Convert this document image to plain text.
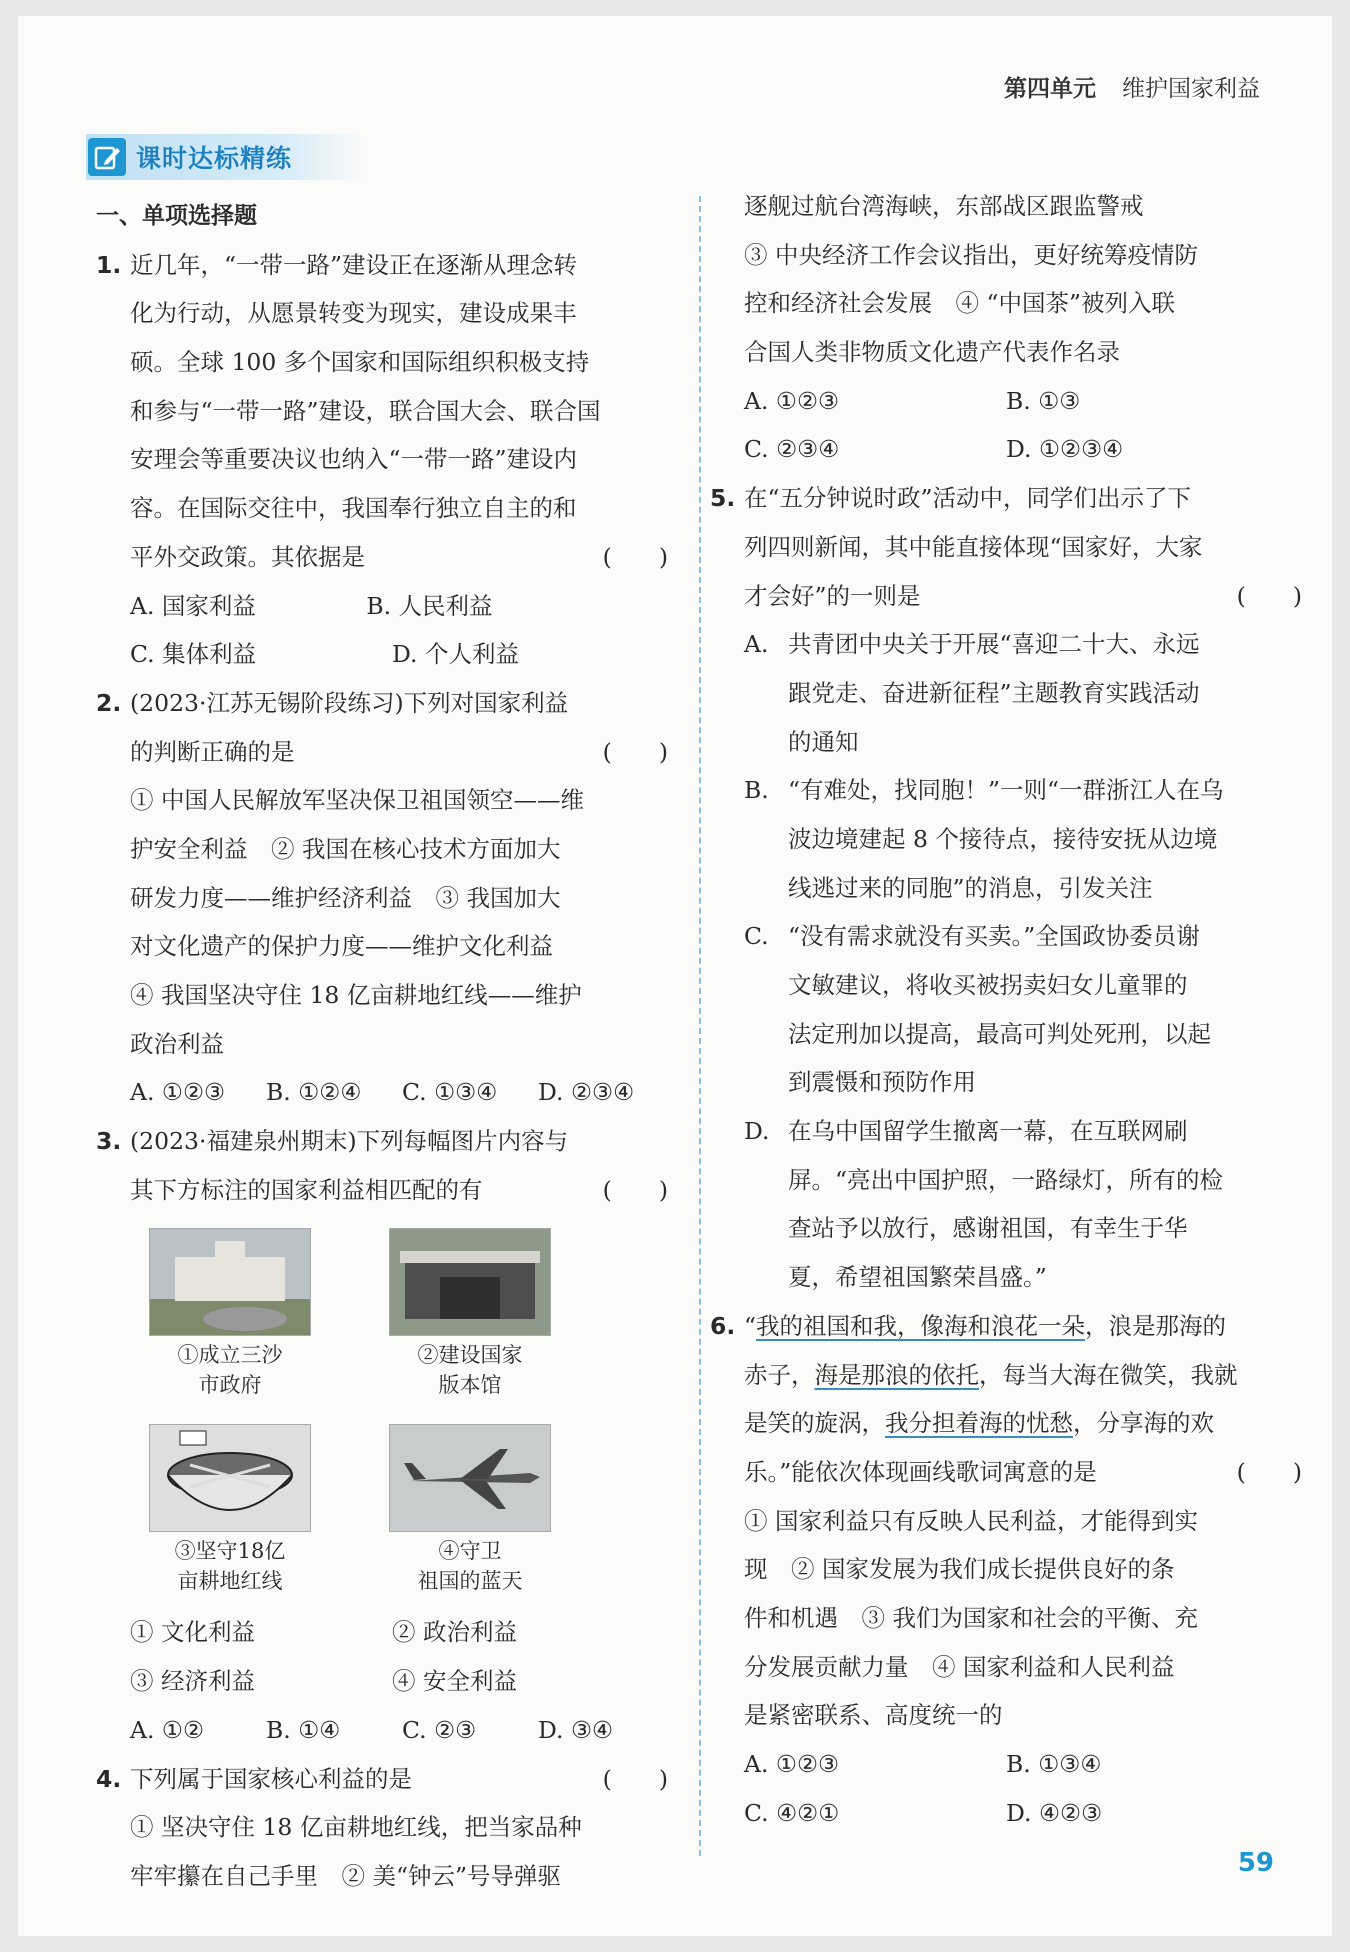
第四单元 维护国家利益
课时达标精练
一、单项选择题
1. 近几年，“一带一路”建设正在逐渐从理念转
化为行动，从愿景转变为现实，建设成果丰
硕。全球 100 多个国家和国际组织积极支持
和参与“一带一路”建设，联合国大会、联合国
安理会等重要决议也纳入“一带一路”建设内
容。在国际交往中，我国奉行独立自主的和
平外交政策。其依据是	(　　)
A. 国家利益	B. 人民利益
C. 集体利益	D. 个人利益
2. (2023·江苏无锡阶段练习)下列对国家利益
的判断正确的是	(　　)
① 中国人民解放军坚决保卫祖国领空——维
护安全利益　② 我国在核心技术方面加大
研发力度——维护经济利益　③ 我国加大
对文化遗产的保护力度——维护文化利益
④ 我国坚决守住 18 亿亩耕地红线——维护
政治利益
A. ①②③	B. ①②④	C. ①③④	D. ②③④
3. (2023·福建泉州期末)下列每幅图片内容与
其下方标注的国家利益相匹配的有	(　　)
①成立三沙
市政府
②建设国家
版本馆
③坚守18亿
亩耕地红线
④守卫
祖国的蓝天
① 文化利益	② 政治利益
③ 经济利益	④ 安全利益
A. ①②	B. ①④	C. ②③	D. ③④
4. 下列属于国家核心利益的是	(　　)
① 坚决守住 18 亿亩耕地红线，把当家品种
牢牢攥在自己手里　② 美“钟云”号导弹驱
逐舰过航台湾海峡，东部战区跟监警戒
③ 中央经济工作会议指出，更好统筹疫情防
控和经济社会发展　④ “中国茶”被列入联
合国人类非物质文化遗产代表作名录
A. ①②③	B. ①③
C. ②③④	D. ①②③④
5. 在“五分钟说时政”活动中，同学们出示了下
列四则新闻，其中能直接体现“国家好，大家
才会好”的一则是	(　　)
A. 共青团中央关于开展“喜迎二十大、永远
跟党走、奋进新征程”主题教育实践活动
的通知
B. “有难处，找同胞！”一则“一群浙江人在乌
波边境建起 8 个接待点，接待安抚从边境
线逃过来的同胞”的消息，引发关注
C. “没有需求就没有买卖。”全国政协委员谢
文敏建议，将收买被拐卖妇女儿童罪的
法定刑加以提高，最高可判处死刑，以起
到震慑和预防作用
D. 在乌中国留学生撤离一幕，在互联网刷
屏。“亮出中国护照，一路绿灯，所有的检
查站予以放行，感谢祖国，有幸生于华
夏，希望祖国繁荣昌盛。”
6. “我的祖国和我，像海和浪花一朵，浪是那海的
赤子，海是那浪的依托，每当大海在微笑，我就
是笑的旋涡，我分担着海的忧愁，分享海的欢
乐。”能依次体现画线歌词寓意的是	(　　)
① 国家利益只有反映人民利益，才能得到实
现　② 国家发展为我们成长提供良好的条
件和机遇　③ 我们为国家和社会的平衡、充
分发展贡献力量　④ 国家利益和人民利益
是紧密联系、高度统一的
A. ①②③	B. ①③④
C. ④②①	D. ④②③
59
